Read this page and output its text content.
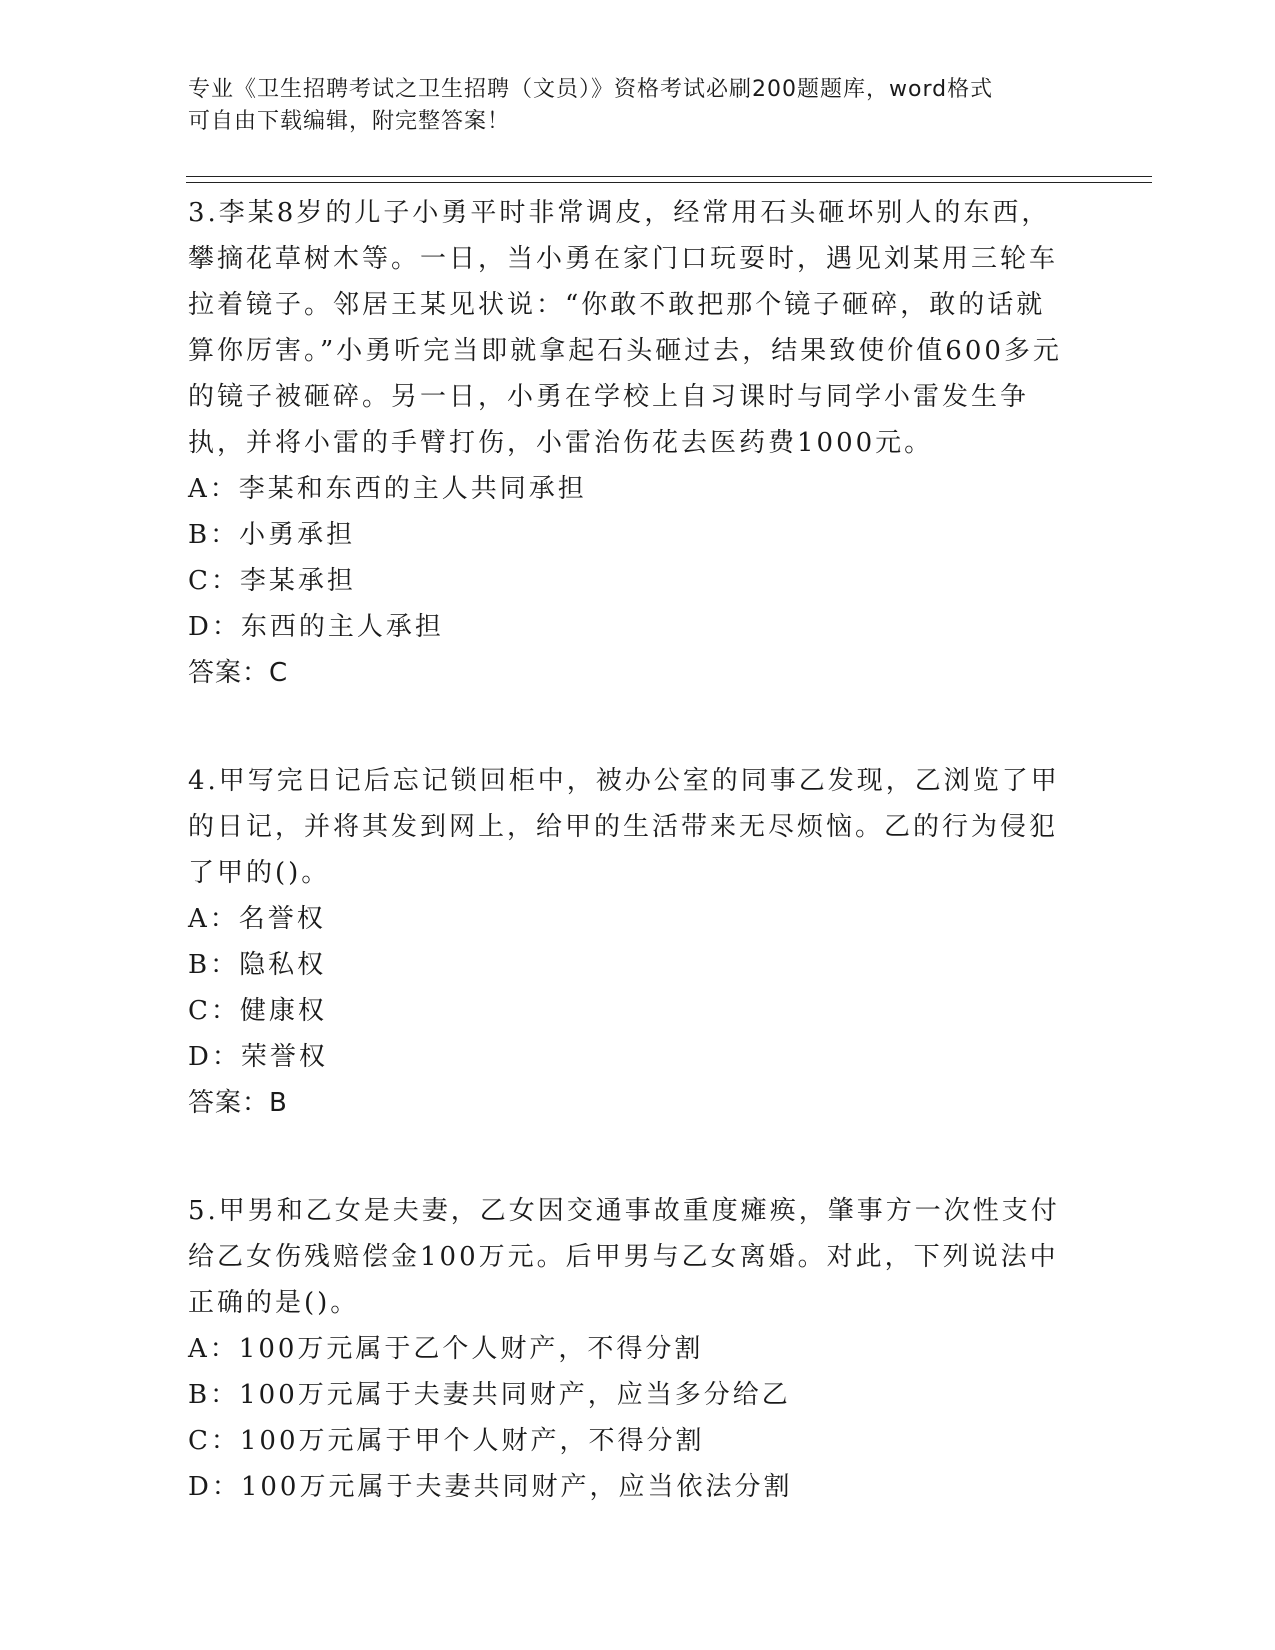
专业《卫生招聘考试之卫生招聘（文员）》资格考试必刷200题题库，word格式
可自由下载编辑，附完整答案！

3.李某8岁的儿子小勇平时非常调皮，经常用石头砸坏别人的东西，攀摘花草树木等。一日，当小勇在家门口玩耍时，遇见刘某用三轮车拉着镜子。邻居王某见状说：“你敢不敢把那个镜子砸碎，敢的话就算你厉害。”小勇听完当即就拿起石头砸过去，结果致使价值600多元的镜子被砸碎。另一日，小勇在学校上自习课时与同学小雷发生争执，并将小雷的手臂打伤，小雷治伤花去医药费1000元。

A：李某和东西的主人共同承担

B：小勇承担

C：李某承担

D：东西的主人承担

答案：C

4.甲写完日记后忘记锁回柜中，被办公室的同事乙发现，乙浏览了甲的日记，并将其发到网上，给甲的生活带来无尽烦恼。乙的行为侵犯了甲的()。

A：名誉权

B：隐私权

C：健康权

D：荣誉权

答案：B

5.甲男和乙女是夫妻，乙女因交通事故重度瘫痪，肇事方一次性支付给乙女伤残赔偿金100万元。后甲男与乙女离婚。对此，下列说法中正确的是()。

A：100万元属于乙个人财产，不得分割

B：100万元属于夫妻共同财产，应当多分给乙

C：100万元属于甲个人财产，不得分割

D：100万元属于夫妻共同财产，应当依法分割
